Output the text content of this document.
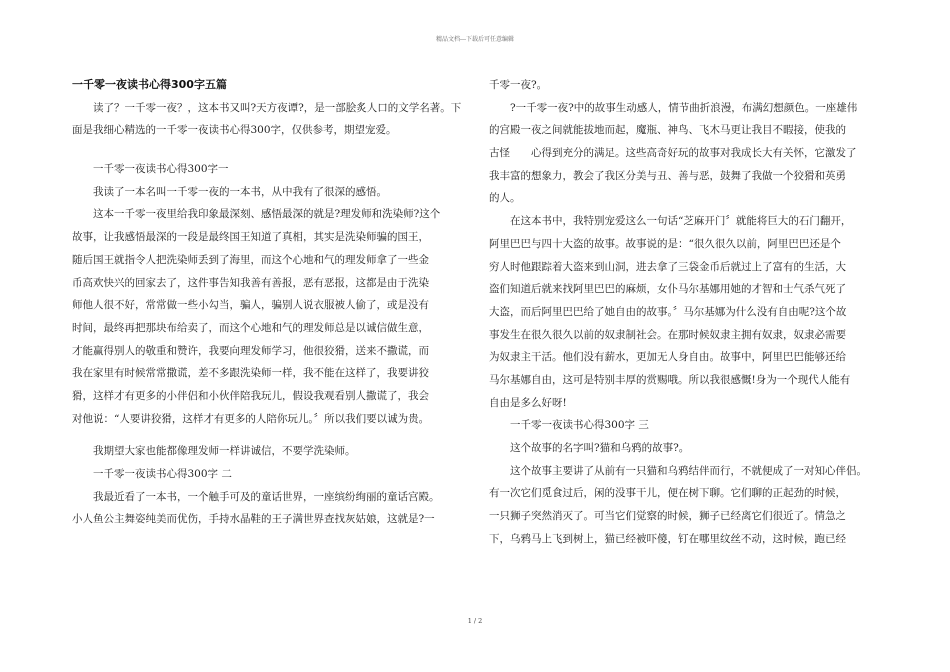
精品文档---下载后可任意编辑
一千零一夜读书心得300字五篇
　　读了？一千零一夜？，这本书又叫?天方夜谭?，是一部脍炙人口的文学名著。下
面是我细心精选的一千零一夜读书心得300字，仅供参考，期望宠爱。
　　一千零一夜读书心得300字一
　　我读了一本名叫一千零一夜的一本书，从中我有了很深的感悟。
　　这本一千零一夜里给我印象最深刻、感悟最深的就是?理发师和洗染师?这个
故事，让我感悟最深的一段是最终国王知道了真相，其实是洗染师骗的国王，
随后国王就指令人把洗染师丢到了海里，而这个心地和气的理发师拿了一些金
币高欢快兴的回家去了，这件事告知我善有善报，恶有恶报，这都是由于洗染
师他人很不好，常常做一些小勾当，骗人，骗别人说衣服被人偷了，或是没有
时间，最终再把那块布给卖了，而这个心地和气的理发师总是以诚信做生意，
才能赢得别人的敬重和赞许，我要向理发师学习，他很狡猾，送来不撒谎，而
我在家里有时候常常撒谎，差不多跟洗染师一样，我不能在这样了，我要讲狡
猾，这样才有更多的小伴侣和小伙伴陪我玩儿，假设我观看别人撒谎了，我会
对他说：“人要讲狡猾，这样才有更多的人陪你玩儿。〞所以我们要以诚为贵。
　　我期望大家也能都像理发师一样讲诚信，不要学洗染师。
　　一千零一夜读书心得300字 二
　　我最近看了一本书，一个触手可及的童话世界，一座缤纷绚丽的童话宫殿。
小人鱼公主舞姿纯美而优伤，手持水晶鞋的王子满世界查找灰姑娘，这就是?一
千零一夜?。
　　?一千零一夜?中的故事生动感人，情节曲折浪漫，布满幻想颜色。一座雄伟
的宫殿一夜之间就能拔地而起，魔瓶、神鸟、飞木马更让我目不暇接，使我的
古怪　　心得到充分的满足。这些高奇好玩的故事对我成长大有关怀，它激发了
我丰富的想象力，教会了我区分美与丑、善与恶，鼓舞了我做一个狡猾和英勇
的人。
　　在这本书中，我特别宠爱这么一句话“芝麻开门〞就能将巨大的石门翻开，
阿里巴巴与四十大盗的故事。故事说的是：“很久很久以前，阿里巴巴还是个
穷人时他跟踪着大盗来到山洞，进去拿了三袋金币后就过上了富有的生活，大
盗们知道后就来找阿里巴巴的麻烦，女仆马尔基娜用她的才智和士气杀气死了
大盗，而后阿里巴巴给了她自由的故事。〞马尔基娜为什么没有自由呢?这个故
事发生在很久很久以前的奴隶制社会。在那时候奴隶主拥有奴隶，奴隶必需要
为奴隶主干活。他们没有薪水，更加无人身自由。故事中，阿里巴巴能够还给
马尔基娜自由，这可是特别丰厚的赏赐哦。所以我很感慨!身为一个现代人能有
自由是多么好呀!
　　一千零一夜读书心得300字 三
　　这个故事的名字叫?猫和乌鸦的故事?。
　　这个故事主要讲了从前有一只猫和乌鸦结伴而行，不就便成了一对知心伴侣。
有一次它们觅食过后，闲的没事干儿，便在树下聊。它们聊的正起劲的时候，
一只狮子突然消灭了。可当它们觉察的时候，狮子已经离它们很近了。情急之
下，乌鸦马上飞到树上，猫已经被吓傻，钉在哪里纹丝不动，这时候，跑已经
1 / 2
